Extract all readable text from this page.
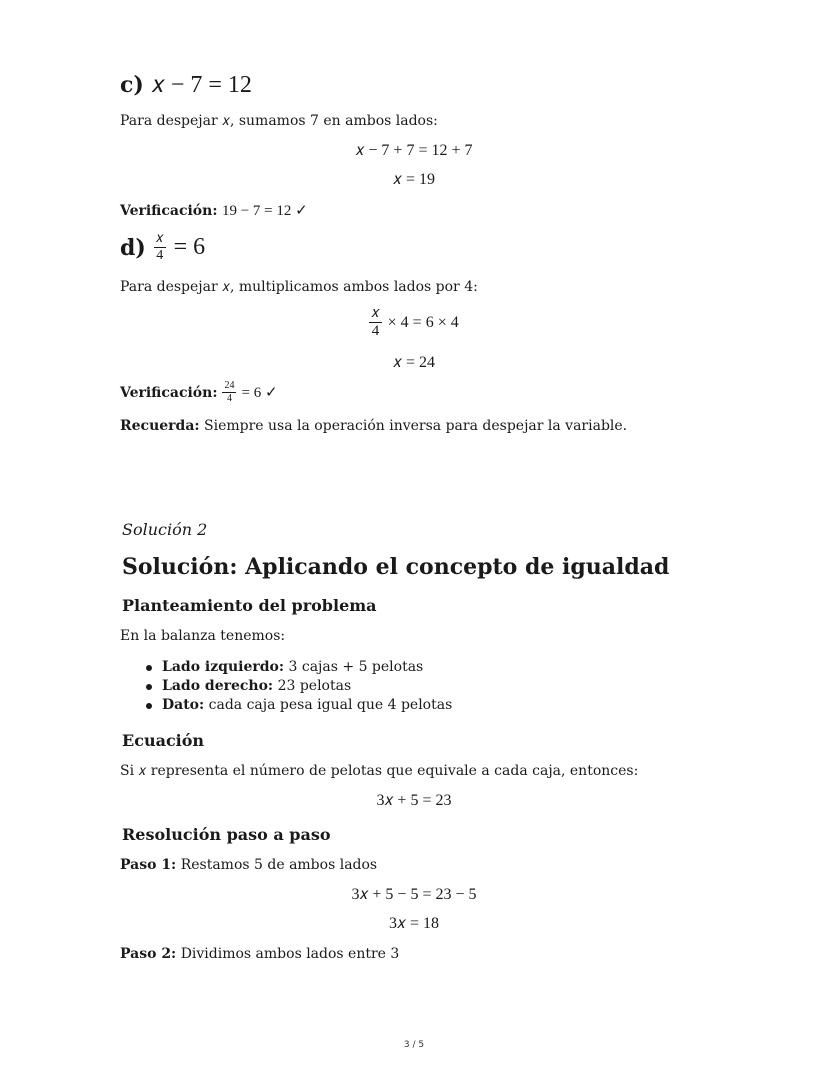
c) 𝑥 − 7 = 12
Para despejar 𝑥, sumamos 7 en ambos lados:
𝑥 − 7 + 7 = 12 + 7
𝑥 = 19
Verificación: 19 − 7 = 12 ✓
$d) \frac{\text{𝑥}}{4} = 6$
Para despejar 𝑥, multiplicamos ambos lados por 4:
$\frac{\text{𝑥}}{4} \times 4 = 6 \times 4$
𝑥 = 24
Verificación: $\frac{24}{4} = 6$ ✓
Recuerda: Siempre usa la operación inversa para despejar la variable.
Solución 2
Solución: Aplicando el concepto de igualdad
Planteamiento del problema
En la balanza tenemos:
Lado izquierdo: 3 cajas + 5 pelotas
Lado derecho: 23 pelotas
Dato: cada caja pesa igual que 4 pelotas
Ecuación
Si 𝑥 representa el número de pelotas que equivale a cada caja, entonces:
3𝑥 + 5 = 23
Resolución paso a paso
Paso 1: Restamos 5 de ambos lados
3𝑥 + 5 − 5 = 23 − 5
3𝑥 = 18
Paso 2: Dividimos ambos lados entre 3
3 / 5
